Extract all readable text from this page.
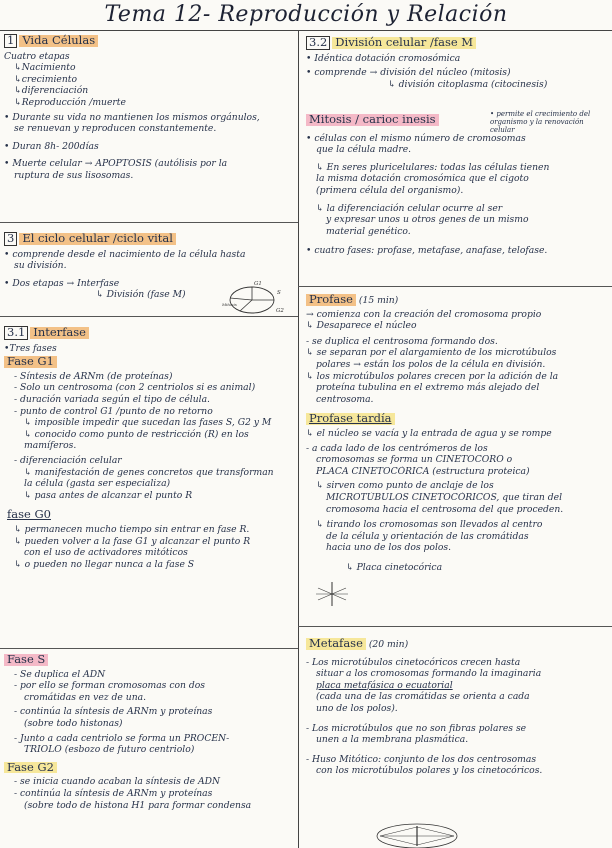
Tema 12- Reproducción y Relación
1 Vida Células
Cuatro etapas
↳Nacimiento
↳crecimiento
↳diferenciación
↳Reproducción /muerte
• Durante su vida no mantienen los mismos orgánulos,
se renuevan y reproducen constantemente.
• Duran 8h- 200días
• Muerte celular → APOPTOSIS (autólisis por la
ruptura de sus lisosomas.
3 El ciclo celular /ciclo vital
• comprende desde el nacimiento de la célula hasta
su división.
• Dos etapas → Interfase
↳ División (fase M)
G1
S
G2
Mitosis
3.1 Interfase
•Tres fases
Fase G1
- Síntesis de ARNm (de proteínas)
- Solo un centrosoma (con 2 centriolos si es animal)
- duración variada según el tipo de célula.
- punto de control G1 /punto de no retorno
↳ imposible impedir que sucedan las fases S, G2 y M
↳ conocido como punto de restricción (R) en los
mamíferos.
- diferenciación celular
↳ manifestación de genes concretos que transforman
la célula (gasta ser especializa)
↳ pasa antes de alcanzar el punto R
fase G0
↳ permanecen mucho tiempo sin entrar en fase R.
↳ pueden volver a la fase G1 y alcanzar el punto R
con el uso de activadores mitóticos
↳ o pueden no llegar nunca a la fase S
Fase S
- Se duplica el ADN
- por ello se forman cromosomas con dos
cromátidas en vez de una.
- continúa la síntesis de ARNm y proteínas
(sobre todo histonas)
- Junto a cada centriolo se forma un PROCEN-
TRIOLO (esbozo de futuro centriolo)
Fase G2
- se inicia cuando acaban la síntesis de ADN
- continúa la síntesis de ARNm y proteínas
(sobre todo de histona H1 para formar condensa
3.2 División celular /fase M
• Idéntica dotación cromosómica
• comprende → división del núcleo (mitosis)
↳ división citoplasma (citocinesis)
Mitosis / carioc inesis	• permite el crecimiento del organismo y la renovación celular
• células con el mismo número de cromosomas
que la célula madre.
↳ En seres pluricelulares: todas las células tienen
la misma dotación cromosómica que el cigoto
(primera célula del organismo).
↳ la diferenciación celular ocurre al ser
y expresar unos u otros genes de un mismo
material genético.
• cuatro fases: profase, metafase, anafase, telofase.
Profase (15 min)
→ comienza con la creación del cromosoma propio
↳ Desaparece el núcleo
- se duplica el centrosoma formando dos.
↳ se separan por el alargamiento de los microtúbulos
polares → están los polos de la célula en división.
↳ los microtúbulos polares crecen por la adición de la
proteína tubulina en el extremo más alejado del
centrosoma.
Profase tardía
↳ el núcleo se vacía y la entrada de agua y se rompe
- a cada lado de los centrómeros de los
cromosomas se forma un CINETOCORO o
PLACA CINETOCÓRICA (estructura proteica)
↳ sirven como punto de anclaje de los
MICROTÚBULOS CINETOCÓRICOS, que tiran del
cromosoma hacia el centrosoma del que proceden.
↳ tirando los cromosomas son llevados al centro
de la célula y orientación de las cromátidas
hacia uno de los dos polos.
↳ Placa cinetocórica
Metafase (20 min)
- Los microtúbulos cinetocóricos crecen hasta
situar a los cromosomas formando la imaginaria
placa metafásica o ecuatorial
(cada una de las cromátidas se orienta a cada
uno de los polos).
- Los microtúbulos que no son fibras polares se
unen a la membrana plasmática.
- Huso Mitótico: conjunto de los dos centrosomas
con los microtúbulos polares y los cinetocóricos.
